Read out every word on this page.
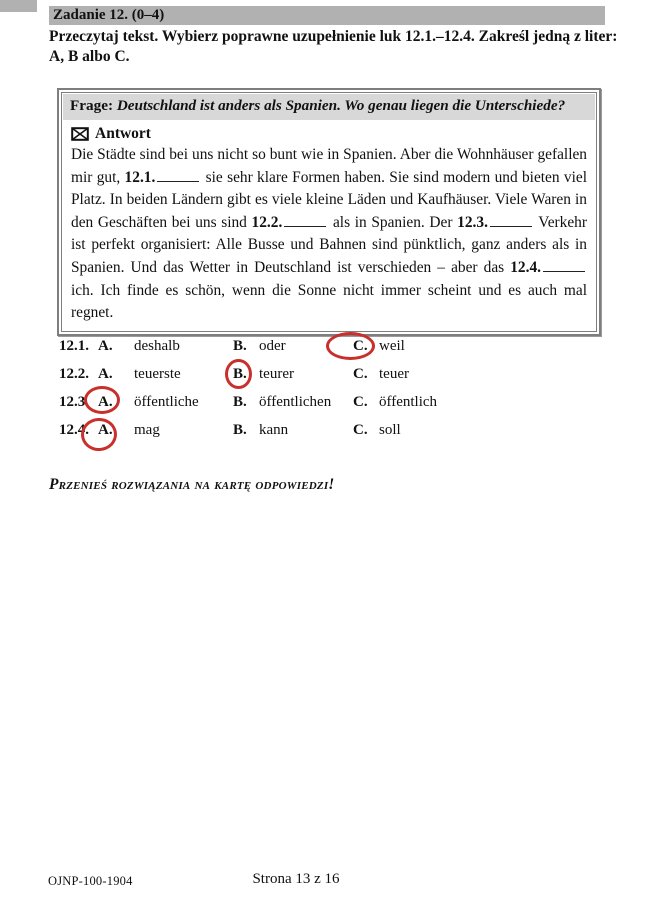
Zadanie 12. (0–4)
Przeczytaj tekst. Wybierz poprawne uzupełnienie luk 12.1.–12.4. Zakreśl jedną z liter:
A, B albo C.
Frage: Deutschland ist anders als Spanien. Wo genau liegen die Unterschiede?
Antwort
Die Städte sind bei uns nicht so bunt wie in Spanien. Aber die Wohnhäuser gefallen mir gut, 12.1.	sie sehr klare Formen haben. Sie sind modern und bieten viel Platz. In beiden Ländern gibt es viele kleine Läden und Kaufhäuser. Viele Waren in den Geschäften bei uns sind 12.2.	als in Spanien. Der 12.3.	Verkehr ist perfekt organisiert: Alle Busse und Bahnen sind pünktlich, ganz anders als in Spanien. Und das Wetter in Deutschland ist verschieden – aber das 12.4. ich. Ich finde es schön, wenn die Sonne nicht immer scheint und es auch mal regnet.
12.1. A.	deshalb	B. oder	C. weil
12.2. A.	teuerste	B. teurer	C. teuer
12.3. A.	öffentliche	B. öffentlichen	C. öffentlich
12.4. A.	mag	B. kann	C. soll
Przenieś rozwiązania na kartę odpowiedzi!
OJNP-100-1904	Strona 13 z 16
